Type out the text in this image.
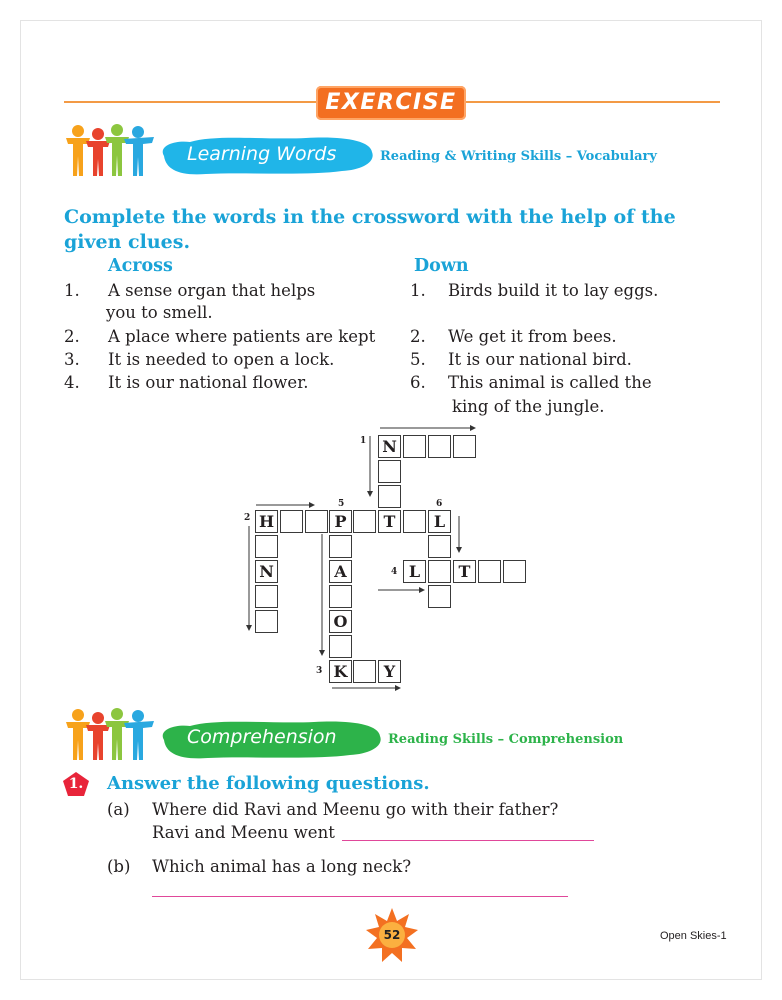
EXERCISE
Learning Words	Reading & Writing Skills – Vocabulary
Complete the words in the crossword with the help of the given clues.
Across
1. A sense organ that helps
you to smell.
2. A place where patients are kept
3. It is needed to open a lock.
4. It is our national flower.
Down
1. Birds build it to lay eggs.
2. We get it from bees.
5. It is our national bird.
6. This animal is called the
king of the jungle.
1
2
3
4
5	6
N
H	P	T	L
N	A
O
K	Y
L	T
Comprehension	Reading Skills – Comprehension
1.	Answer the following questions.
(a) Where did Ravi and Meenu go with their father?
Ravi and Meenu went
(b) Which animal has a long neck?
52	Open Skies-1
